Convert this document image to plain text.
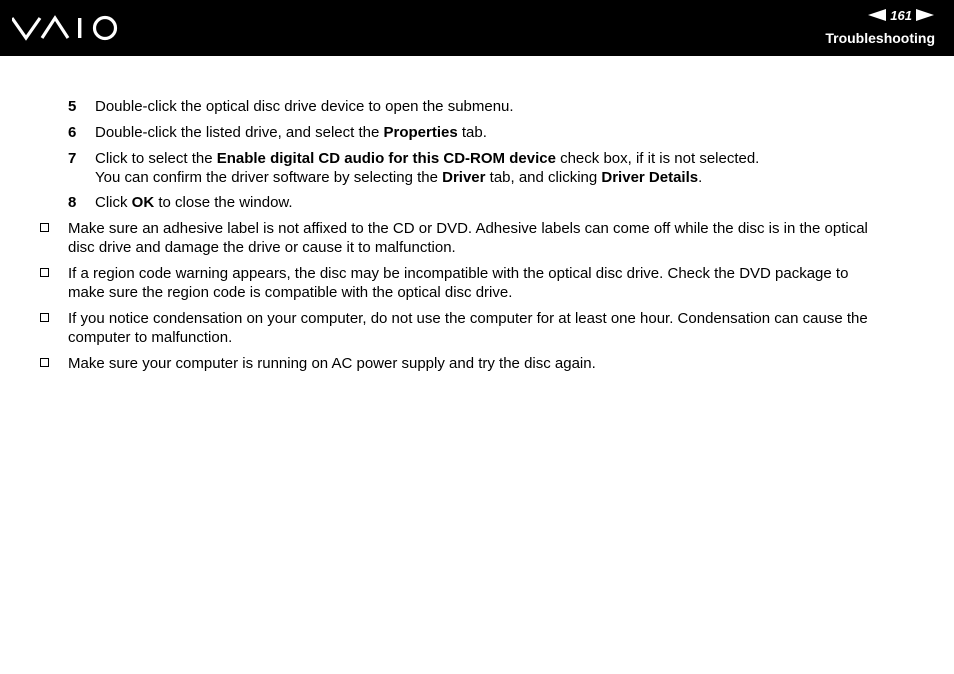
161
Troubleshooting
5 Double-click the optical disc drive device to open the submenu.
6 Double-click the listed drive, and select the Properties tab.
7 Click to select the Enable digital CD audio for this CD-ROM device check box, if it is not selected.
You can confirm the driver software by selecting the Driver tab, and clicking Driver Details.
8 Click OK to close the window.
Make sure an adhesive label is not affixed to the CD or DVD. Adhesive labels can come off while the disc is in the optical
disc drive and damage the drive or cause it to malfunction.
If a region code warning appears, the disc may be incompatible with the optical disc drive. Check the DVD package to
make sure the region code is compatible with the optical disc drive.
If you notice condensation on your computer, do not use the computer for at least one hour. Condensation can cause the
computer to malfunction.
Make sure your computer is running on AC power supply and try the disc again.
